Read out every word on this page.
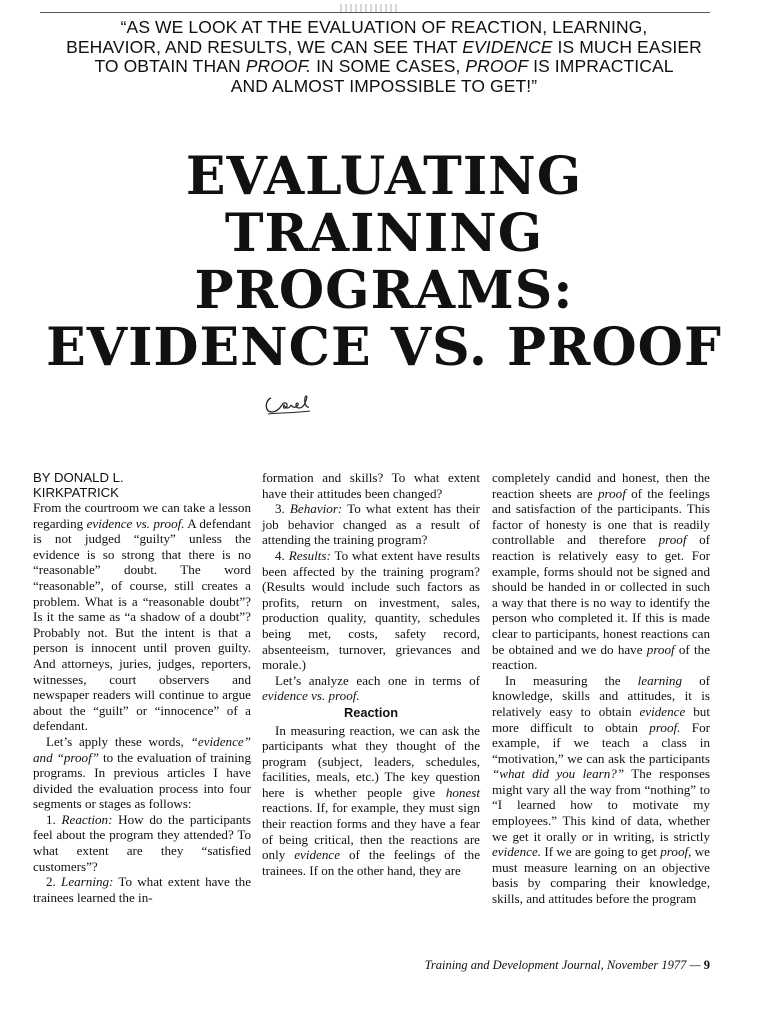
“AS WE LOOK AT THE EVALUATION OF REACTION, LEARNING,
BEHAVIOR, AND RESULTS, WE CAN SEE THAT EVIDENCE IS MUCH EASIER
TO OBTAIN THAN PROOF. IN SOME CASES, PROOF IS IMPRACTICAL
AND ALMOST IMPOSSIBLE TO GET!”

EVALUATING
TRAINING
PROGRAMS:
EVIDENCE VS. PROOF

BY DONALD L.
KIRKPATRICK

From the courtroom we can take a lesson regarding evidence vs. proof. A defendant is not judged “guilty” unless the evidence is so strong that there is no “reasonable” doubt. The word “reasonable”, of course, still creates a problem. What is a “reasonable doubt”? Is it the same as “a shadow of a doubt”? Probably not. But the intent is that a person is innocent until proven guilty. And attorneys, juries, judges, reporters, witnesses, court observers and newspaper readers will continue to argue about the “guilt” or “innocence” of a defendant.

Let’s apply these words, “evidence” and “proof” to the evaluation of training programs. In previous articles I have divided the evaluation process into four segments or stages as follows:

1. Reaction: How do the participants feel about the program they attended? To what extent are they “satisfied customers”?

2. Learning: To what extent have the trainees learned the in-

formation and skills? To what extent have their attitudes been changed?

3. Behavior: To what extent has their job behavior changed as a result of attending the training program?

4. Results: To what extent have results been affected by the training program? (Results would include such factors as profits, return on investment, sales, production quality, quantity, schedules being met, costs, safety record, absenteeism, turnover, grievances and morale.)

Let’s analyze each one in terms of evidence vs. proof.

Reaction

In measuring reaction, we can ask the participants what they thought of the program (subject, leaders, schedules, facilities, meals, etc.) The key question here is whether people give honest reactions. If, for example, they must sign their reaction forms and they have a fear of being critical, then the reactions are only evidence of the feelings of the trainees. If on the other hand, they are

completely candid and honest, then the reaction sheets are proof of the feelings and satisfaction of the participants. This factor of honesty is one that is readily controllable and therefore proof of reaction is relatively easy to get. For example, forms should not be signed and should be handed in or collected in such a way that there is no way to identify the person who completed it. If this is made clear to participants, honest reactions can be obtained and we do have proof of the reaction.

In measuring the learning of knowledge, skills and attitudes, it is relatively easy to obtain evidence but more difficult to obtain proof. For example, if we teach a class in “motivation,” we can ask the participants “what did you learn?” The responses might vary all the way from “nothing” to “I learned how to motivate my employees.” This kind of data, whether we get it orally or in writing, is strictly evidence. If we are going to get proof, we must measure learning on an objective basis by comparing their knowledge, skills, and attitudes before the program

Training and Development Journal, November 1977 — 9
